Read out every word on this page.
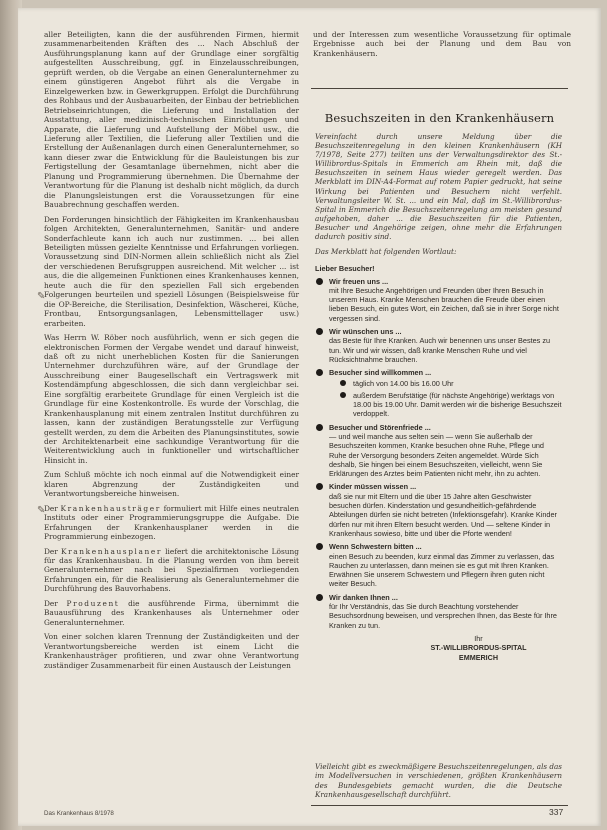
aller Beteiligten, kann die der ausführenden Firmen, hiermit zusammenarbeitenden Kräften des ... Nach Abschluß der Ausführungsplanung kann auf der Grundlage einer sorgfältig aufgestellten Ausschreibung, ggf. in Einzelausschreibungen, geprüft werden, ob die Vergabe an einen Generalunternehmer zu einem günstigeren Angebot führt als die Vergabe in Einzelgewerken bzw. in Gewerkgruppen. Erfolgt die Durchführung des Rohbaus und der Ausbauarbeiten, der Einbau der betrieblichen Betriebseinrichtungen, die Lieferung und Installation der Ausstattung, aller medizinisch-technischen Einrichtungen und Apparate, die Lieferung und Aufstellung der Möbel usw., die Lieferung aller Textilien, die Lieferung aller Textilien und die Erstellung der Außenanlagen durch einen Generalunternehmer, so kann dieser zwar die Entwicklung für die Bauleistungen bis zur Fertigstellung der Gesamtanlage übernehmen, nicht aber die Planung und Programmierung übernehmen. Die Übernahme der Verantwortung für die Planung ist deshalb nicht möglich, da durch die Planungsleistungen erst die Voraussetzungen für eine Bauabrechnung geschaffen werden.

Den Forderungen hinsichtlich der Fähigkeiten im Krankenhausbau folgen Architekten, Generalunternehmen, Sanitär- und andere Sonderfachleute kann ich auch nur zustimmen. ... bei allen Beteiligten müssen gezielte Kenntnisse und Erfahrungen vorliegen. Voraussetzung sind DIN-Normen allein schließlich nicht als Ziel der verschiedenen Berufsgruppen ausreichend. Mit welcher ... ist aus, die die allgemeinen Funktionen eines Krankenhauses kennen, heute auch die für den speziellen Fall sich ergebenden Folgerungen beurteilen und speziell Lösungen (Beispielsweise für die OP-Bereiche, die Sterilisation, Desinfektion, Wäscherei, Küche, Frontbau, Entsorgungsanlagen, Lebensmittellager usw.) erarbeiten.

Was Herrn W. Röber noch ausführlich, wenn er sich gegen die elektronischen Formen der Vergabe wendet und darauf hinweist, daß oft zu nicht unerheblichen Kosten für die Sanierungen Unternehmer durchzuführen wäre, auf der Grundlage der Ausschreibung einer Baugesellschaft ein Vertragswerk mit Kostendämpfung abgeschlossen, die sich dann vergleichbar sei. Eine sorgfältig erarbeitete Grundlage für einen Vergleich ist die Grundlage für eine Kostenkontrolle. Es wurde der Vorschlag, die Krankenhausplanung mit einem zentralen Institut durchführen zu lassen, kann der zuständigen Beratungsstelle zur Verfügung gestellt werden, zu dem die Arbeiten des Planungsinstitutes, sowie der Architektenarbeit eine sachkundige Verantwortung für die Weiterentwicklung auch in funktioneller und wirtschaftlicher Hinsicht in.

Zum Schluß möchte ich noch einmal auf die Notwendigkeit einer klaren Abgrenzung der Zuständigkeiten und Verantwortungsbereiche hinweisen.

Der Krankenhausträger formuliert mit Hilfe eines neutralen Instituts oder einer Programmierungsgruppe die Aufgabe. Die Erfahrungen der Krankenhausplaner werden in die Programmierung einbezogen.

Der Krankenhausplaner liefert die architektonische Lösung für das Krankenhausbau. In die Planung werden von ihm bereit Generalunternehmer nach bei Spezialfirmen vorliegenden Erfahrungen ein, für die Realisierung als Generalunternehmer die Durchführung des Bauvorhabens.

Der Produzent die ausführende Firma, übernimmt die Bauausführung des Krankenhauses als Unternehmer oder Generalunternehmer.

Von einer solchen klaren Trennung der Zuständigkeiten und der Verantwortungsbereiche werden ist einem Licht die Krankenhausträger profitieren, und zwar ohne Verantwortung zuständiger Zusammenarbeit für einen Austausch der Leistungen

✎
✎

und der Interessen zum wesentliche Voraussetzung für optimale Ergebnisse auch bei der Planung und dem Bau von Krankenhäusern.

Besuchszeiten in den Krankenhäusern
Vereinfacht durch unsere Meldung über die Besuchszeitenregelung in den kleinen Krankenhäusern (KH 7/1978, Seite 277) teilten uns der Verwaltungsdirektor des St.-Willibrordus-Spitals in Emmerich am Rhein mit, daß die Besuchszeiten in seinem Haus wieder geregelt werden. Das Merkblatt im DIN-A4-Format auf rotem Papier gedruckt, hat seine Wirkung bei Patienten und Besuchern nicht verfehlt. Verwaltungsleiter W. St. ... und ein Mal, daß im St.-Willibrordus-Spital in Emmerich die Besuchszeitenregelung am meisten gesund aufgehoben, daher ... die Besuchszeiten für die Patienten, Besucher und Angehörige zeigen, ohne mehr die Erfahrungen dadurch positiv sind.
Das Merkblatt hat folgenden Wortlaut:
Lieber Besucher!
Wir freuen uns ...
mit Ihre Besuche Angehörigen und Freunden über Ihren Besuch in unserem Haus. Kranke Menschen brauchen die Freude über einen lieben Besuch, ein gutes Wort, ein Zeichen, daß sie in ihrer Sorge nicht vergessen sind.
Wir wünschen uns ...
das Beste für Ihre Kranken. Auch wir benennen uns unser Bestes zu tun. Wir und wir wissen, daß kranke Menschen Ruhe und viel Rücksichtnahme brauchen.
Besucher sind willkommen ...
täglich von 14.00 bis 16.00 Uhr
außerdem Berufstätige (für nächste Angehörige) werktags von 18.00 bis 19.00 Uhr. Damit werden wir die bisherige Besuchszeit verdoppelt.
Besucher und Störenfriede ...
— und weil manche aus selten sein — wenn Sie außerhalb der Besuchszeiten kommen, Kranke besuchen ohne Ruhe, Pflege und Ruhe der Versorgung besonders Zeiten angemeldet. Würde Sich deshalb, Sie hingen bei einem Besuchszeiten, vielleicht, wenn Sie Erklärungen des Arztes beim Patienten nicht mehr, ihn zu achten.
Kinder müssen wissen ...
daß sie nur mit Eltern und die über 15 Jahre alten Geschwister besuchen dürfen. Kinderstation und gesundheitlich-gefährdende Abteilungen dürfen sie nicht betreten (Infektionsgefahr). Kranke Kinder dürfen nur mit ihren Eltern besucht werden. Und — seltene Kinder in Krankenhaus sowieso, bitte und über die Pforte wenden!
Wenn Schwestern bitten ...
einen Besuch zu beenden, kurz einmal das Zimmer zu verlassen, das Rauchen zu unterlassen, dann meinen sie es gut mit Ihren Kranken. Erwähnen Sie unserem Schwestern und Pflegern ihren guten nicht weiter Besuch.
Wir danken Ihnen ...
für Ihr Verständnis, das Sie durch Beachtung vorstehender Besuchsordnung beweisen, und versprechen Ihnen, das Beste für Ihre Kranken zu tun.
Ihr
ST.-WILLIBRORDUS-SPITAL
EMMERICH
Vielleicht gibt es zweckmäßigere Besuchszeitenregelungen, als das im Modellversuchen in verschiedenen, größten Krankenhäusern des Bundesgebiets gemacht wurden, die die Deutsche Krankenhausgesellschaft durchführt.
Das Krankenhaus 8/1978	337
